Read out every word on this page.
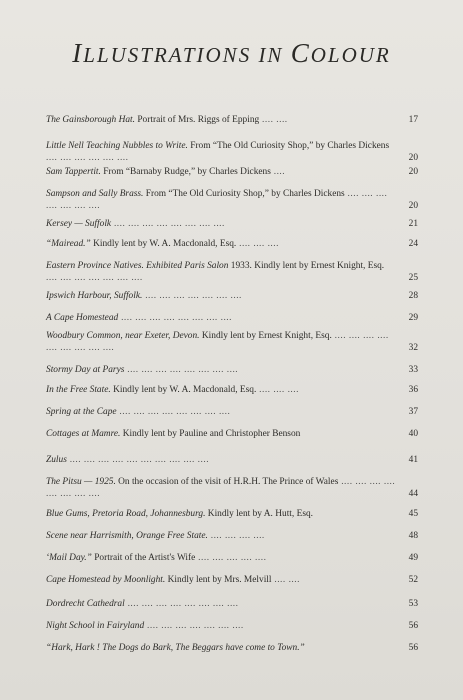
ILLUSTRATIONS IN COLOUR
The Gainsborough Hat. Portrait of Mrs. Riggs of Epping .... ....	17
Little Nell Teaching Nubbles to Write. From “The Old Curiosity Shop,” by Charles Dickens .... .... .... .... .... ....	20
Sam Tappertit. From “Barnaby Rudge,” by Charles Dickens ....	20
Sampson and Sally Brass. From “The Old Curiosity Shop,” by Charles Dickens .... .... .... .... .... .... ....	20
Kersey — Suffolk .... .... .... .... .... .... .... ....	21
“Mairead.” Kindly lent by W. A. Macdonald, Esq. .... .... ....	24
Eastern Province Natives. Exhibited Paris Salon 1933. Kindly lent by Ernest Knight, Esq. .... .... .... .... .... .... ....	25
Ipswich Harbour, Suffolk. .... .... .... .... .... .... ....	28
A Cape Homestead .... .... .... .... .... .... .... ....	29
Woodbury Common, near Exeter, Devon. Kindly lent by Ernest Knight, Esq. .... .... .... .... .... .... .... .... ....	32
Stormy Day at Parys .... .... .... .... .... .... .... ....	33
In the Free State. Kindly lent by W. A. Macdonald, Esq. .... .... ....	36
Spring at the Cape .... .... .... .... .... .... .... ....	37
Cottages at Mamre. Kindly lent by Pauline and Christopher Benson	40
Zulus .... .... .... .... .... .... .... .... .... ....	41
The Pitsu — 1925. On the occasion of the visit of H.R.H. The Prince of Wales .... .... .... .... .... .... .... ....	44
Blue Gums, Pretoria Road, Johannesburg. Kindly lent by A. Hutt, Esq.	45
Scene near Harrismith, Orange Free State. .... .... .... ....	48
‘Mail Day.” Portrait of the Artist's Wife .... .... .... .... ....	49
Cape Homestead by Moonlight. Kindly lent by Mrs. Melvill .... ....	52
Dordrecht Cathedral .... .... .... .... .... .... .... ....	53
Night School in Fairyland .... .... .... .... .... .... ....	56
“Hark, Hark ! The Dogs do Bark, The Beggars have come to Town.”	56
